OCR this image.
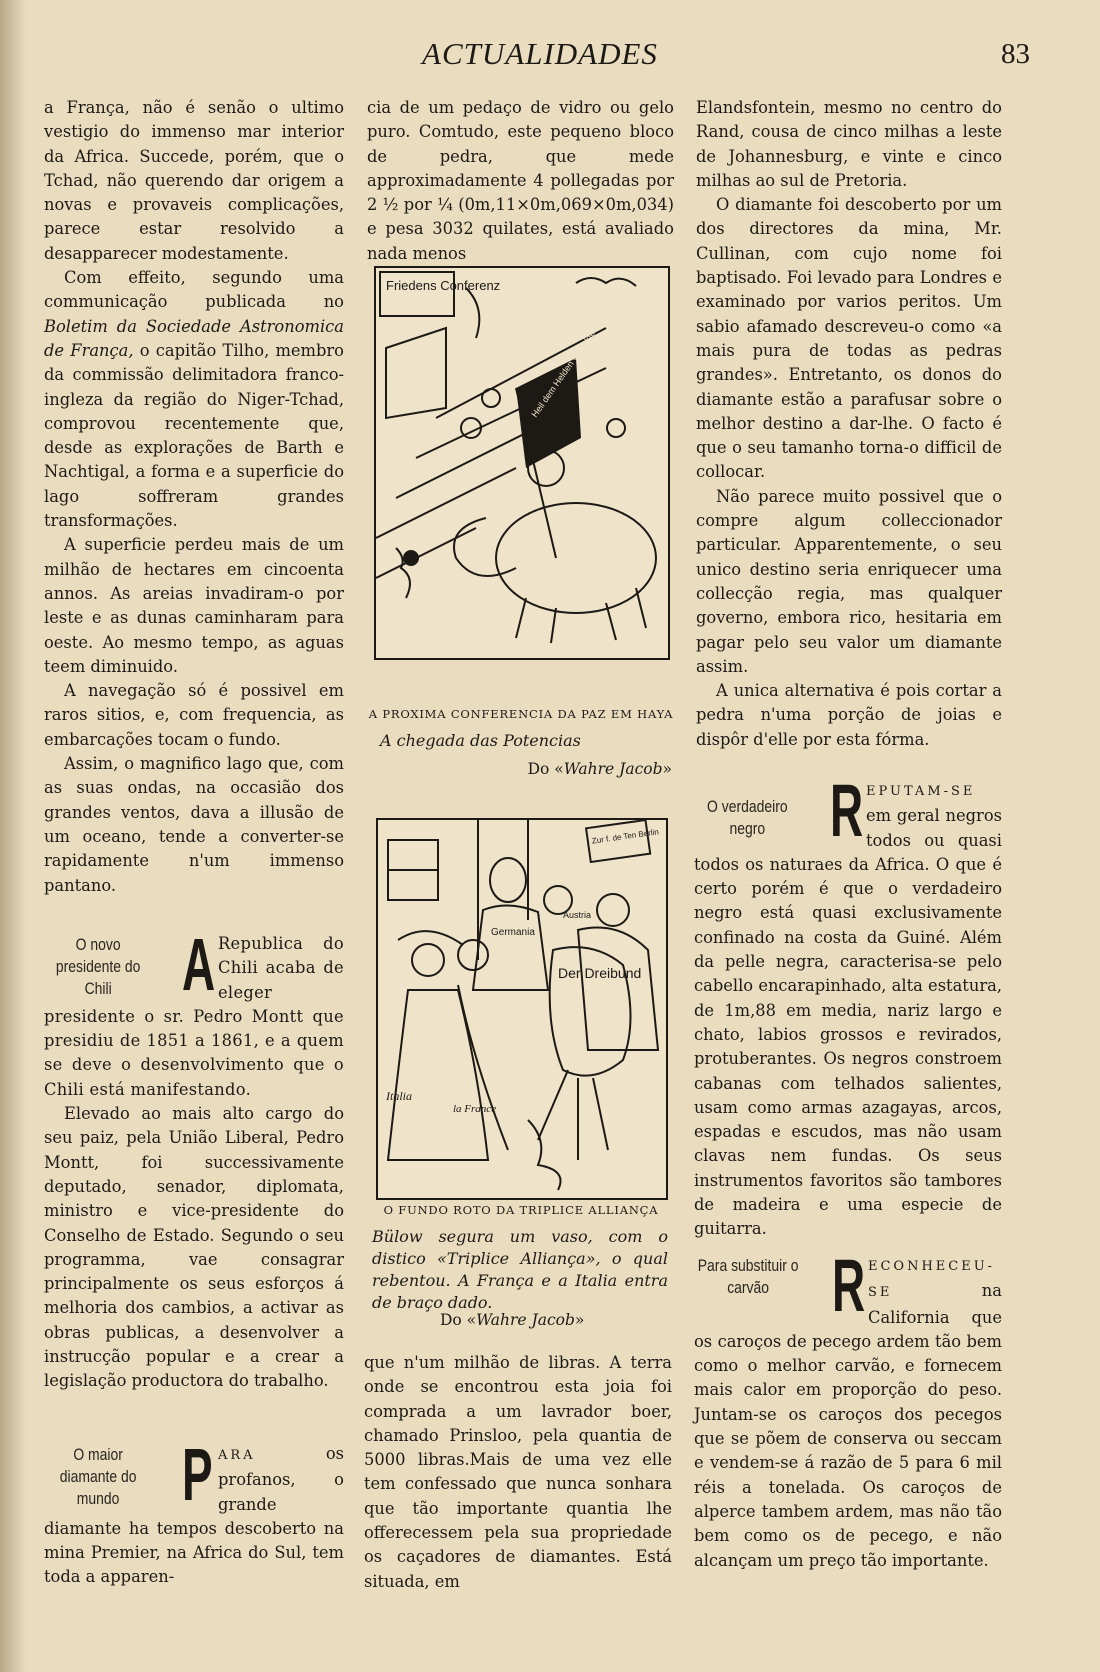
ACTUALIDADES	83

a França, não é senão o ultimo vestigio do immenso mar interior da Africa. Succede, porém, que o Tchad, não querendo dar origem a novas e provaveis complicações, parece estar resolvido a desapparecer modestamente.

Com effeito, segundo uma communicação publicada no Boletim da Sociedade Astronomica de França, o capitão Tilho, membro da commissão delimitadora franco-ingleza da região do Niger-Tchad, comprovou recentemente que, desde as explorações de Barth e Nachtigal, a forma e a superficie do lago soffreram grandes transformações.

A superficie perdeu mais de um milhão de hectares em cincoenta annos. As areias invadiram-o por leste e as dunas caminharam para oeste. Ao mesmo tempo, as aguas teem diminuido.

A navegação só é possivel em raros sitios, e, com frequencia, as embarcações tocam o fundo.

Assim, o magnifico lago que, com as suas ondas, na occasião dos grandes ventos, dava a illusão de um oceano, tende a converter-se rapidamente n'um immenso pantano.

O novo presidente do Chili A Republica do Chili acaba de eleger presidente o sr. Pedro Montt que presidiu de 1851 a 1861, e a quem se deve o desenvolvimento que o Chili está manifestando.

Elevado ao mais alto cargo do seu paiz, pela União Liberal, Pedro Montt, foi successivamente deputado, senador, diplomata, ministro e vice-presidente do Conselho de Estado. Segundo o seu programma, vae consagrar principalmente os seus esforços á melhoria dos cambios, a activar as obras publicas, a desenvolver a instrucção popular e a crear a legislação productora do trabalho.

O maior diamante do mundo P ARA	os profanos, o grande diamante ha tempos descoberto na mina Premier, na Africa do Sul, tem toda a apparen-

cia de um pedaço de vidro ou gelo puro. Comtudo, este pequeno bloco de pedra, que mede approximadamente 4 pollegadas por 2 ½ por ¼ (0m,11×0m,069×0m,034) e pesa 3032 quilates, está avaliado nada menos

Friedens Conferenz
Heil dem Helden von Algeciras
A PROXIMA CONFERENCIA DA PAZ EM HAYA
A chegada das Potencias
Do «Wahre Jacob»
Zur f. de Ten Berlin
Germania
Austria
Der Dreibund
Italia
la France
O FUNDO ROTO DA TRIPLICE ALLIANÇA
Bülow segura um vaso, com o distico «Triplice Alliança», o qual rebentou. A França e a Italia entra de braço dado.
Do «Wahre Jacob»

que n'um milhão de libras. A terra onde se encontrou esta joia foi comprada a um lavrador boer, chamado Prinsloo, pela quantia de 5000 libras.Mais de uma vez elle tem confessado que nunca sonhara que tão importante quantia lhe offerecessem pela sua propriedade os caçadores de diamantes. Está situada, em

Elandsfontein, mesmo no centro do Rand, cousa de cinco milhas a leste de Johannesburg, e vinte e cinco milhas ao sul de Pretoria.

O diamante foi descoberto por um dos directores da mina, Mr. Cullinan, com cujo nome foi baptisado. Foi levado para Londres e examinado por varios peritos. Um sabio afamado descreveu-o como «a mais pura de todas as pedras grandes». Entretanto, os donos do diamante estão a parafusar sobre o melhor destino a dar-lhe. O facto é que o seu tamanho torna-o difficil de collocar.

Não parece muito possivel que o compre algum colleccionador particular. Apparentemente, o seu unico destino seria enriquecer uma collecção regia, mas qualquer governo, embora rico, hesitaria em pagar pelo seu valor um diamante assim.

A unica alternativa é pois cortar a pedra n'uma porção de joias e dispôr d'elle por esta fórma.

O verdadeiro negro R EPUTAM-SE em geral negros todos ou quasi todos os naturaes da Africa. O que é certo porém é que o verdadeiro negro está quasi exclusivamente confinado na costa da Guiné. Além da pelle negra, caracterisa-se pelo cabello encarapinhado, alta estatura, de 1m,88 em media, nariz largo e chato, labios grossos e revirados, protuberantes. Os negros constroem cabanas com telhados salientes, usam como armas azagayas, arcos, espadas e escudos, mas não usam clavas nem fundas. Os seus instrumentos favoritos são tambores de madeira e uma especie de guitarra.

Para substituir o carvão R ECONHECEU-SE	na California que os caroços de pecego ardem tão bem como o melhor carvão, e fornecem mais calor em proporção do peso. Juntam-se os caroços dos pecegos que se põem de conserva ou seccam e vendem-se á razão de 5 para 6 mil réis a tonelada. Os caroços de alperce tambem ardem, mas não tão bem como os de pecego, e não alcançam um preço tão importante.
